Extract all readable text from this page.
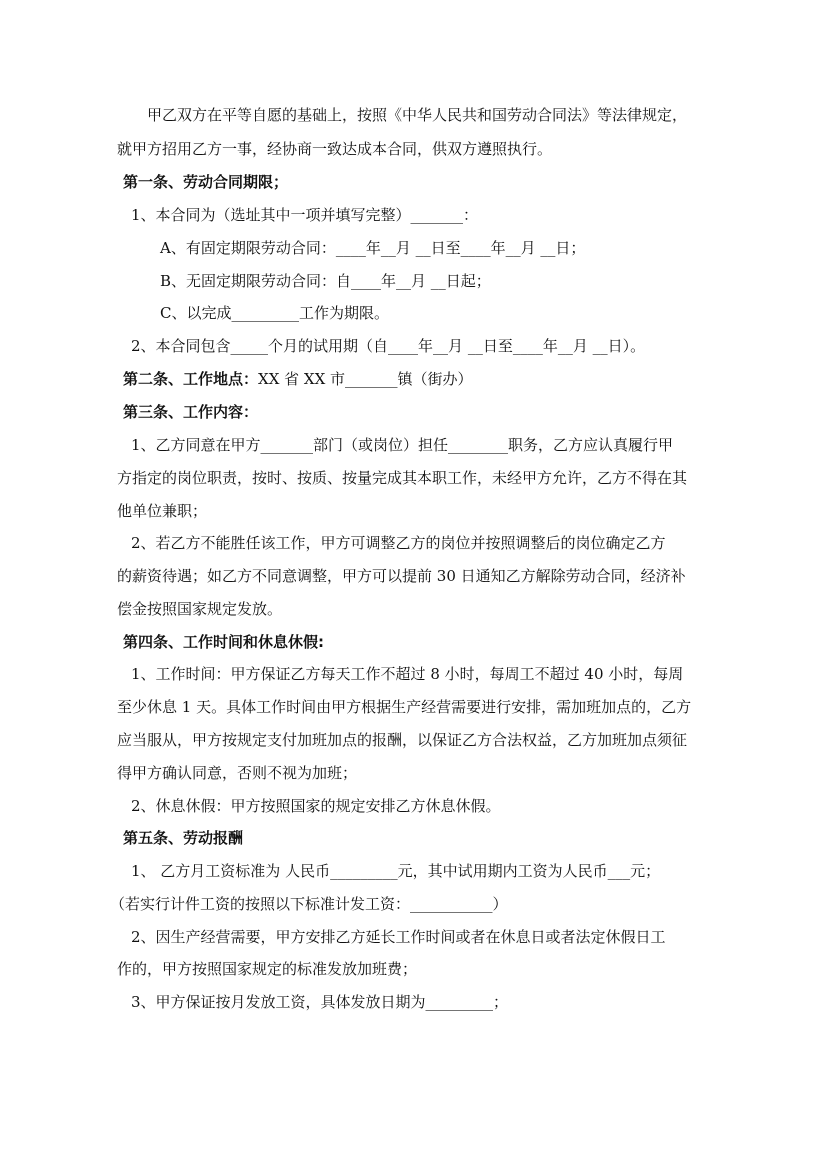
甲乙双方在平等自愿的基础上，按照《中华人民共和国劳动合同法》等法律规定，
就甲方招用乙方一事，经协商一致达成本合同，供双方遵照执行。
第一条、劳动合同期限；
1、本合同为（选址其中一项并填写完整）_______：
A、有固定期限劳动合同：____年__月 __日至____年__月 __日；
B、无固定期限劳动合同：自____年__月 __日起；
C、以完成_________工作为期限。
2、本合同包含_____个月的试用期（自____年__月 __日至____年__月 __日）。
第二条、工作地点：XX 省 XX 市_______镇（街办）
第三条、工作内容：
1、乙方同意在甲方_______部门（或岗位）担任________职务，乙方应认真履行甲
方指定的岗位职责，按时、按质、按量完成其本职工作，未经甲方允许，乙方不得在其
他单位兼职；
2、若乙方不能胜任该工作，甲方可调整乙方的岗位并按照调整后的岗位确定乙方
的薪资待遇；如乙方不同意调整，甲方可以提前 30 日通知乙方解除劳动合同，经济补
偿金按照国家规定发放。
第四条、工作时间和休息休假:
1、工作时间：甲方保证乙方每天工作不超过 8 小时，每周工不超过 40 小时，每周
至少休息 1 天。具体工作时间由甲方根据生产经营需要进行安排，需加班加点的，乙方
应当服从，甲方按规定支付加班加点的报酬，以保证乙方合法权益，乙方加班加点须征
得甲方确认同意，否则不视为加班；
2、休息休假：甲方按照国家的规定安排乙方休息休假。
第五条、劳动报酬
1、 乙方月工资标准为 人民币_________元，其中试用期内工资为人民币___元；
（若实行计件工资的按照以下标准计发工资：___________）
2、因生产经营需要，甲方安排乙方延长工作时间或者在休息日或者法定休假日工
作的，甲方按照国家规定的标准发放加班费；
3、甲方保证按月发放工资，具体发放日期为_________；
